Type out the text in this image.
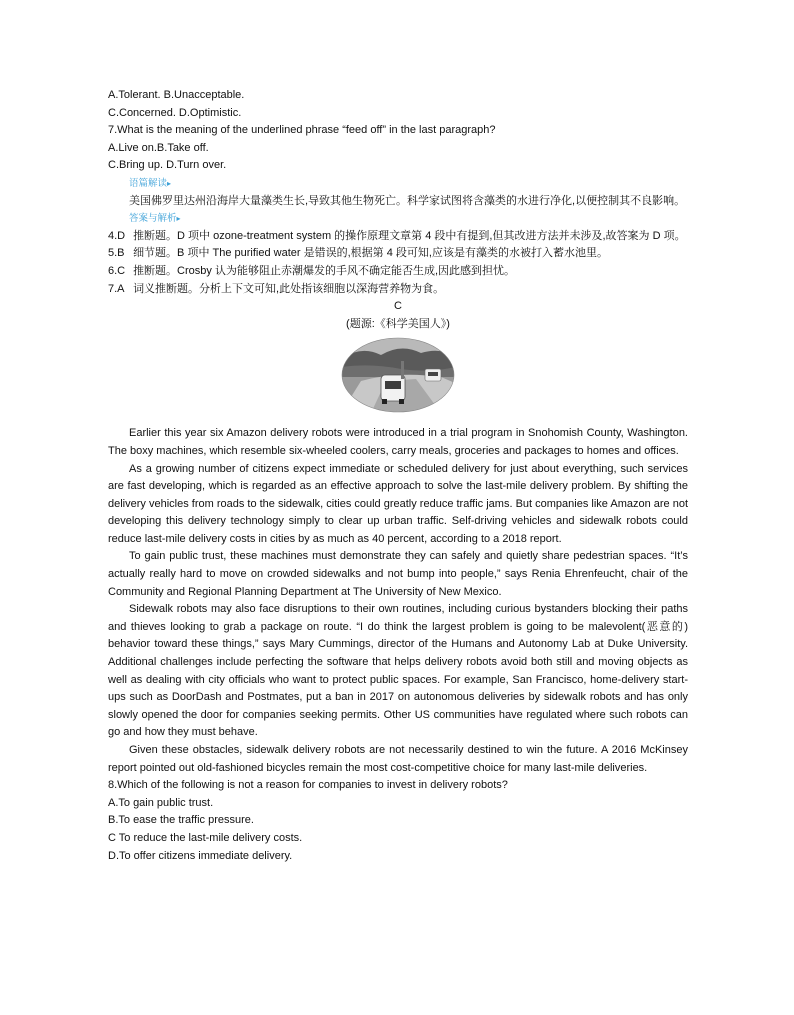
A.Tolerant. B.Unacceptable.
C.Concerned. D.Optimistic.
7.What is the meaning of the underlined phrase “feed off” in the last paragraph?
A.Live on.B.Take off.
C.Bring up. D.Turn over.
语篇解读▸
美国佛罗里达州沿海岸大量藻类生长,导致其他生物死亡。科学家试图将含藻类的水进行净化,以便控制其不良影响。
答案与解析▸
4.D 推断题。D 项中 ozone-treatment system 的操作原理文章第 4 段中有提到,但其改进方法并未涉及,故答案为 D 项。
5.B 细节题。B 项中 The purified water 是错误的,根据第 4 段可知,应该是有藻类的水被打入蓄水池里。
6.C 推断题。Crosby 认为能够阻止赤潮爆发的手风不确定能否生成,因此感到担忧。
7.A 词义推断题。分析上下文可知,此处指该细胞以深海营养物为食。
C
(题源:《科学美国人》)
Earlier this year six Amazon delivery robots were introduced in a trial program in Snohomish County, Washington. The boxy machines, which resemble six-wheeled coolers, carry meals, groceries and packages to homes and offices.
As a growing number of citizens expect immediate or scheduled delivery for just about everything, such services are fast developing, which is regarded as an effective approach to solve the last-mile delivery problem. By shifting the delivery vehicles from roads to the sidewalk, cities could greatly reduce traffic jams. But companies like Amazon are not developing this delivery technology simply to clear up urban traffic. Self-driving vehicles and sidewalk robots could reduce last-mile delivery costs in cities by as much as 40 percent, according to a 2018 report.
To gain public trust, these machines must demonstrate they can safely and quietly share pedestrian spaces. “It’s actually really hard to move on crowded sidewalks and not bump into people,” says Renia Ehrenfeucht, chair of the Community and Regional Planning Department at The University of New Mexico.
Sidewalk robots may also face disruptions to their own routines, including curious bystanders blocking their paths and thieves looking to grab a package on route. “I do think the largest problem is going to be malevolent(恶意的) behavior toward these things,” says Mary Cummings, director of the Humans and Autonomy Lab at Duke University. Additional challenges include perfecting the software that helps delivery robots avoid both still and moving objects as well as dealing with city officials who want to protect public spaces. For example, San Francisco, home-delivery start-ups such as DoorDash and Postmates, put a ban in 2017 on autonomous deliveries by sidewalk robots and has only slowly opened the door for companies seeking permits. Other US communities have regulated where such robots can go and how they must behave.
Given these obstacles, sidewalk delivery robots are not necessarily destined to win the future. A 2016 McKinsey report pointed out old-fashioned bicycles remain the most cost-competitive choice for many last-mile deliveries.
8.Which of the following is not a reason for companies to invest in delivery robots?
A.To gain public trust.
B.To ease the traffic pressure.
C To reduce the last-mile delivery costs.
D.To offer citizens immediate delivery.
